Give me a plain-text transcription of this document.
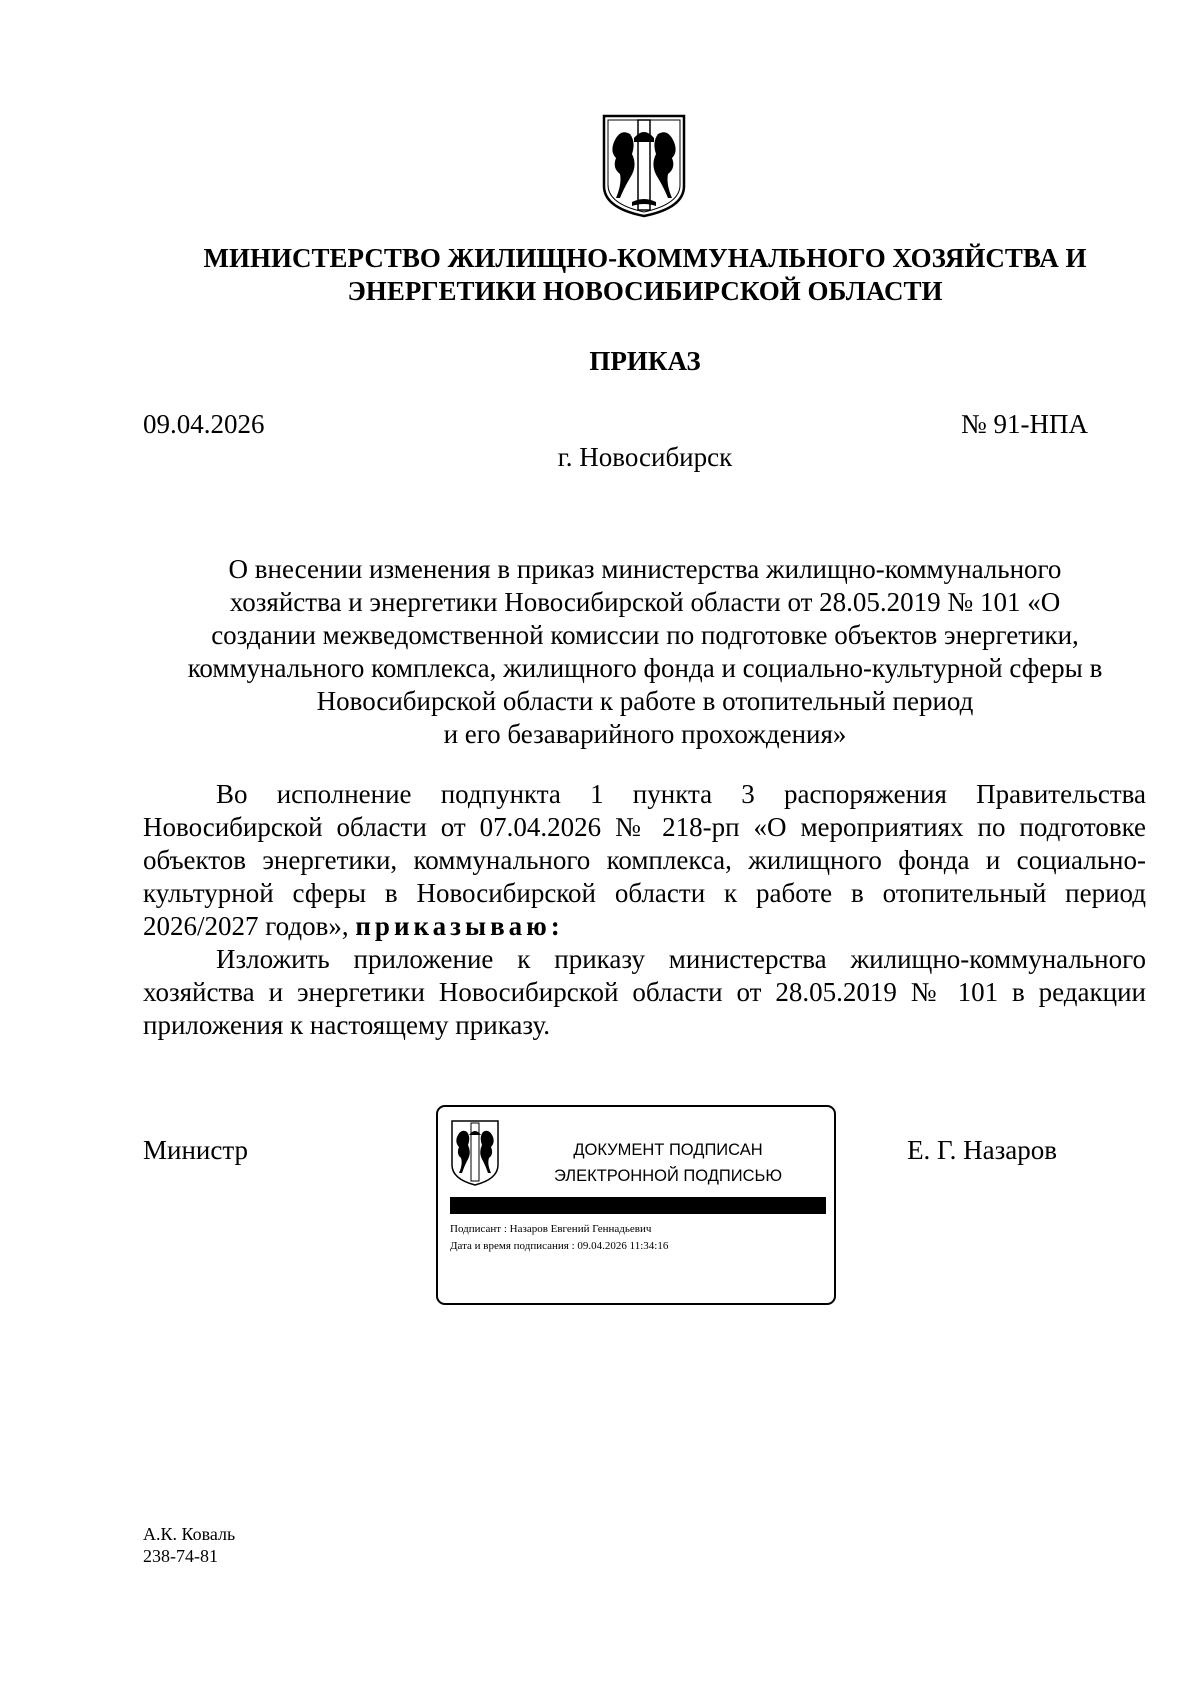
МИНИСТЕРСТВО ЖИЛИЩНО-КОММУНАЛЬНОГО ХОЗЯЙСТВА И
ЭНЕРГЕТИКИ НОВОСИБИРСКОЙ ОБЛАСТИ
ПРИКАЗ
09.04.2026	№ 91-НПА
г. Новосибирск
О внесении изменения в приказ министерства жилищно-коммунального
хозяйства и энергетики Новосибирской области от 28.05.2019 № 101 «О
создании межведомственной комиссии по подготовке объектов энергетики,
коммунального комплекса, жилищного фонда и социально-культурной сферы в
Новосибирской области к работе в отопительный период
и его безаварийного прохождения»

Во исполнение подпункта 1 пункта 3 распоряжения Правительства Новосибирской области от 07.04.2026 № 218-рп «О мероприятиях по подготовке объектов энергетики, коммунального комплекса, жилищного фонда и социально-культурной сферы в Новосибирской области к работе в отопительный период 2026/2027 годов», приказываю:

Изложить приложение к приказу министерства жилищно-коммунального хозяйства и энергетики Новосибирской области от 28.05.2019 № 101 в редакции приложения к настоящему приказу.

Министр	Е. Г. Назаров
ДОКУМЕНТ ПОДПИСАН
ЭЛЕКТРОННОЙ ПОДПИСЬЮ
Подписант : Назаров Евгений Геннадьевич
Дата и время подписания : 09.04.2026 11:34:16
А.К. Коваль
238-74-81
